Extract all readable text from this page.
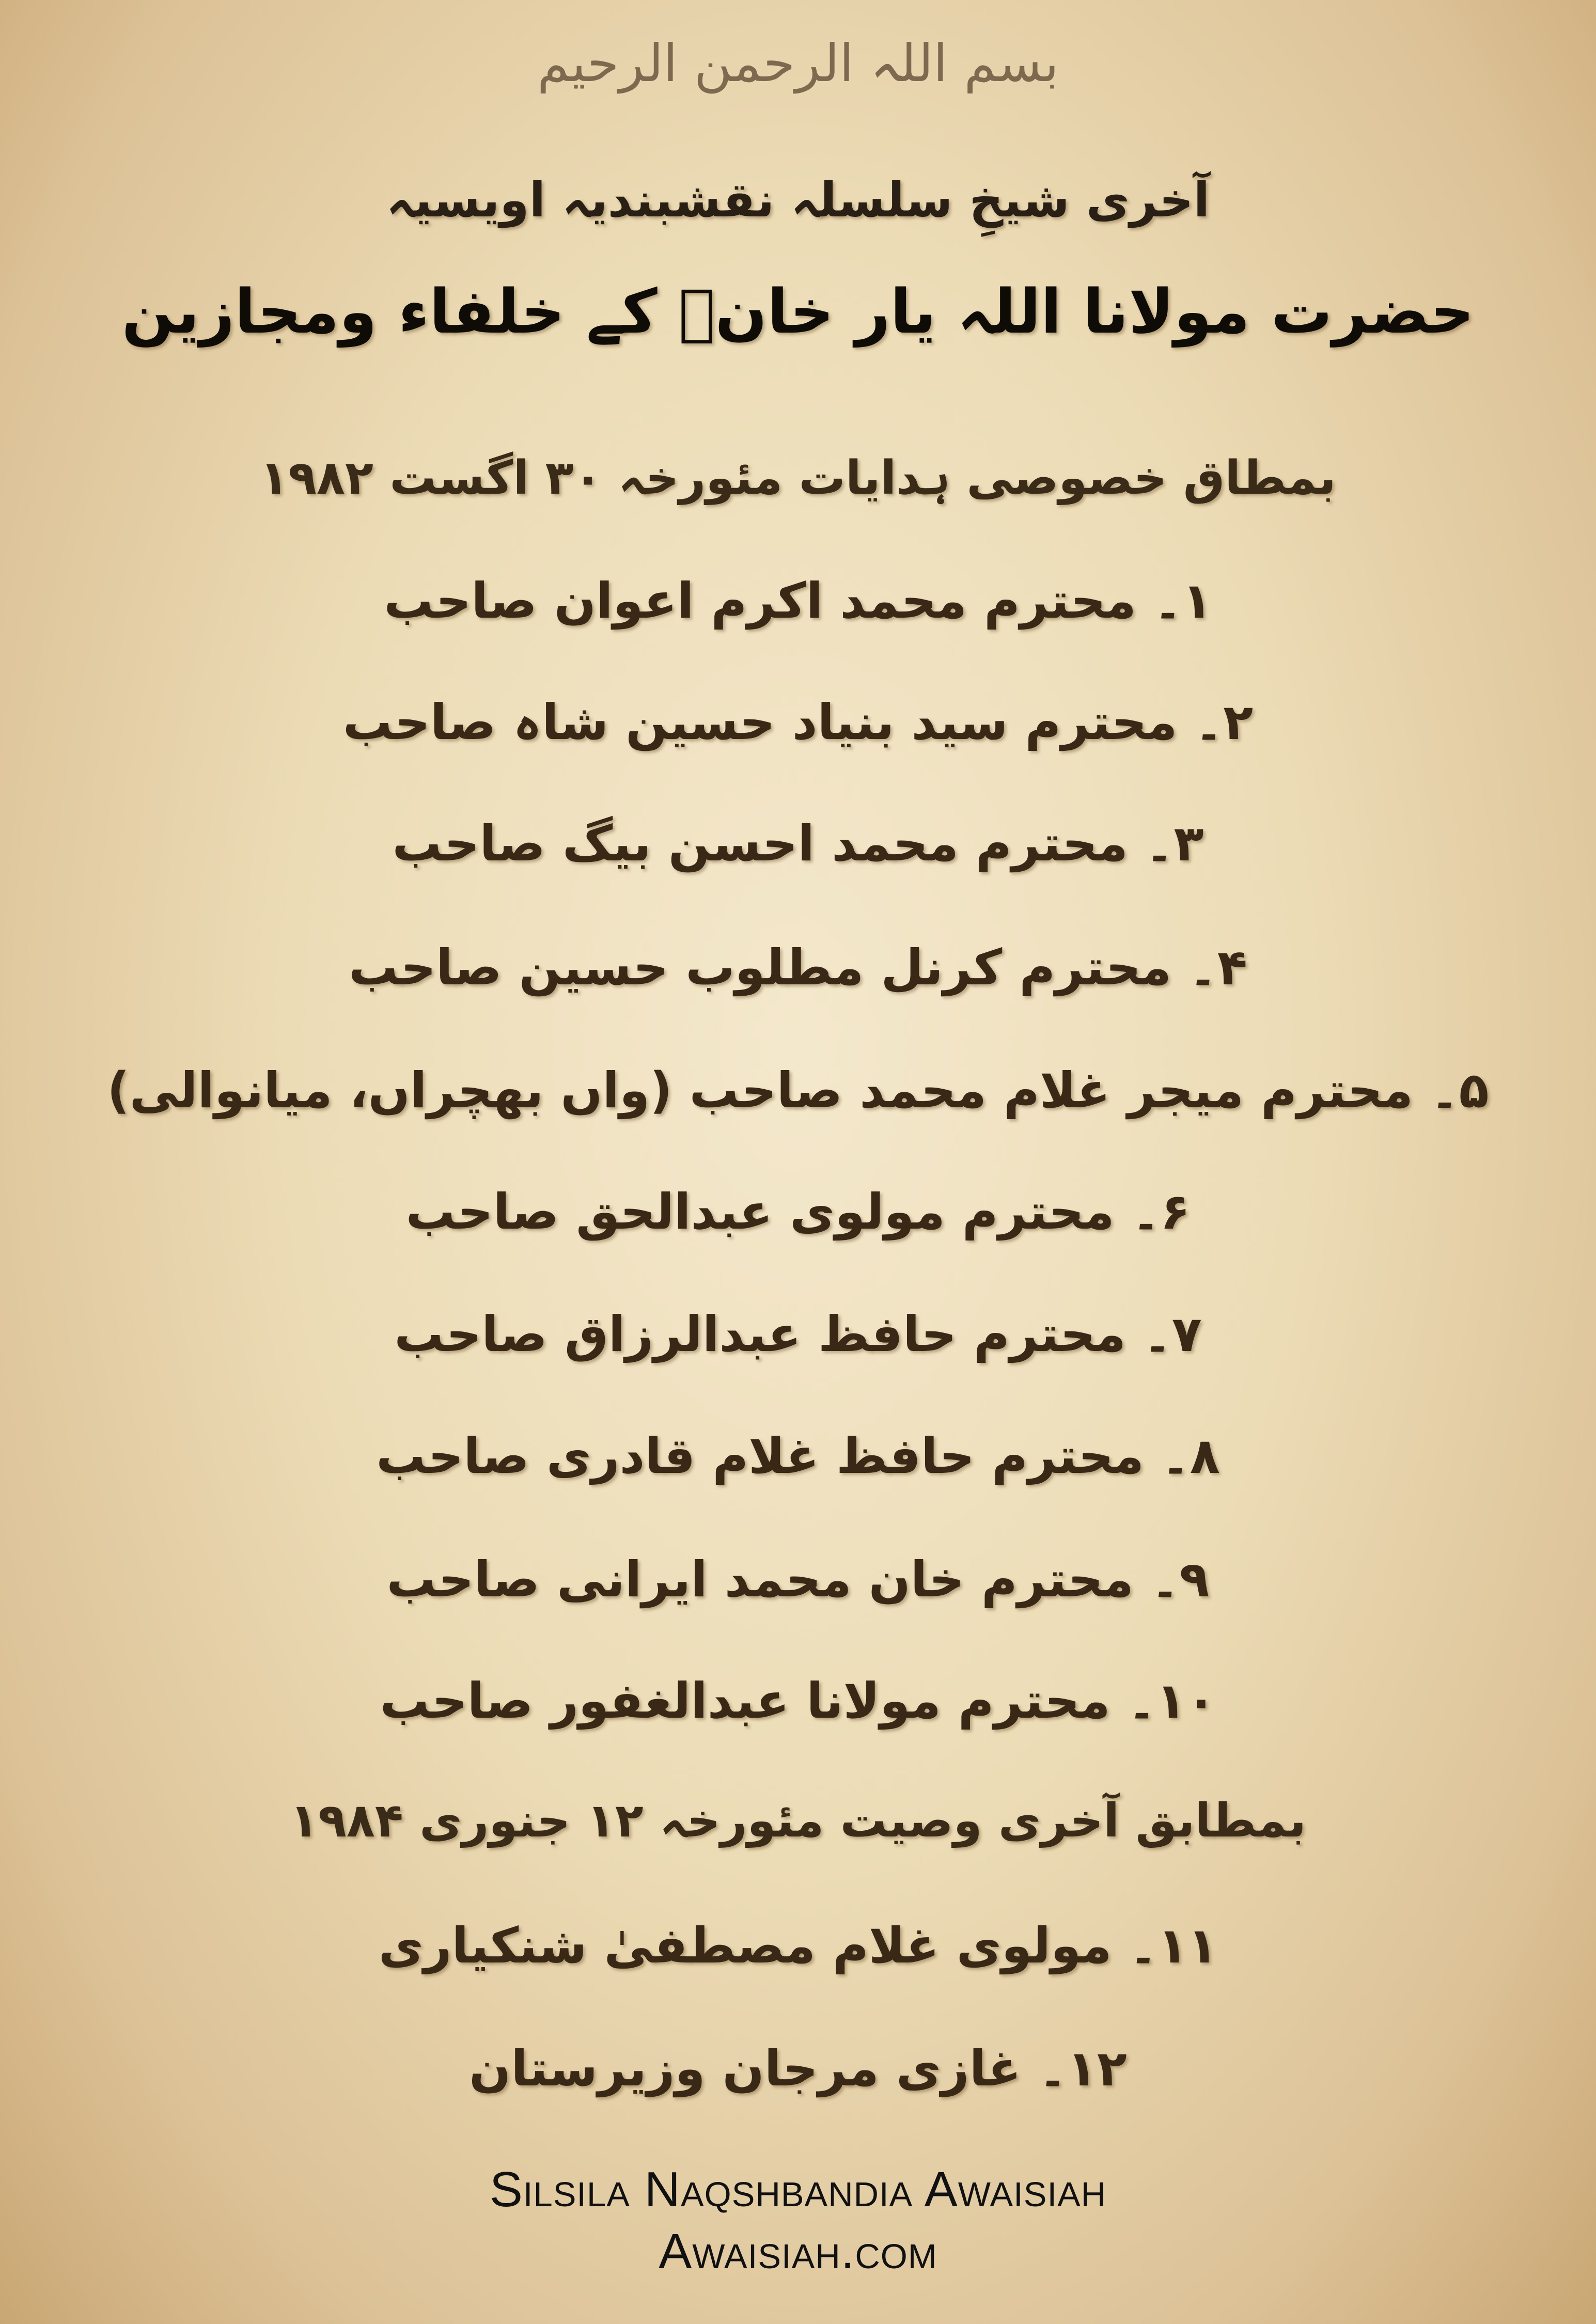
بسم اللہ الرحمن الرحیم
آخری شیخِ سلسلہ نقشبندیہ اویسیہ
حضرت مولانا اللہ یار خانؒ کے خلفاء ومجازین
بمطاق خصوصی ہدایات مئورخہ ۳۰ اگست ۱۹۸۲
۱۔ محترم محمد اکرم اعوان صاحب
۲۔ محترم سید بنیاد حسین شاہ صاحب
۳۔ محترم محمد احسن بیگ صاحب
۴۔ محترم کرنل مطلوب حسین صاحب
۵۔ محترم میجر غلام محمد صاحب (واں بھچراں، میانوالی)
۶۔ محترم مولوی عبدالحق صاحب
۷۔ محترم حافظ عبدالرزاق صاحب
۸۔ محترم حافظ غلام قادری صاحب
۹۔ محترم خان محمد ایرانی صاحب
۱۰۔ محترم مولانا عبدالغفور صاحب
بمطابق آخری وصیت مئورخہ ۱۲ جنوری ۱۹۸۴
۱۱۔ مولوی غلام مصطفیٰ شنکیاری
۱۲۔ غازی مرجان وزیرستان
Silsila Naqshbandia Awaisiah
Awaisiah.com
